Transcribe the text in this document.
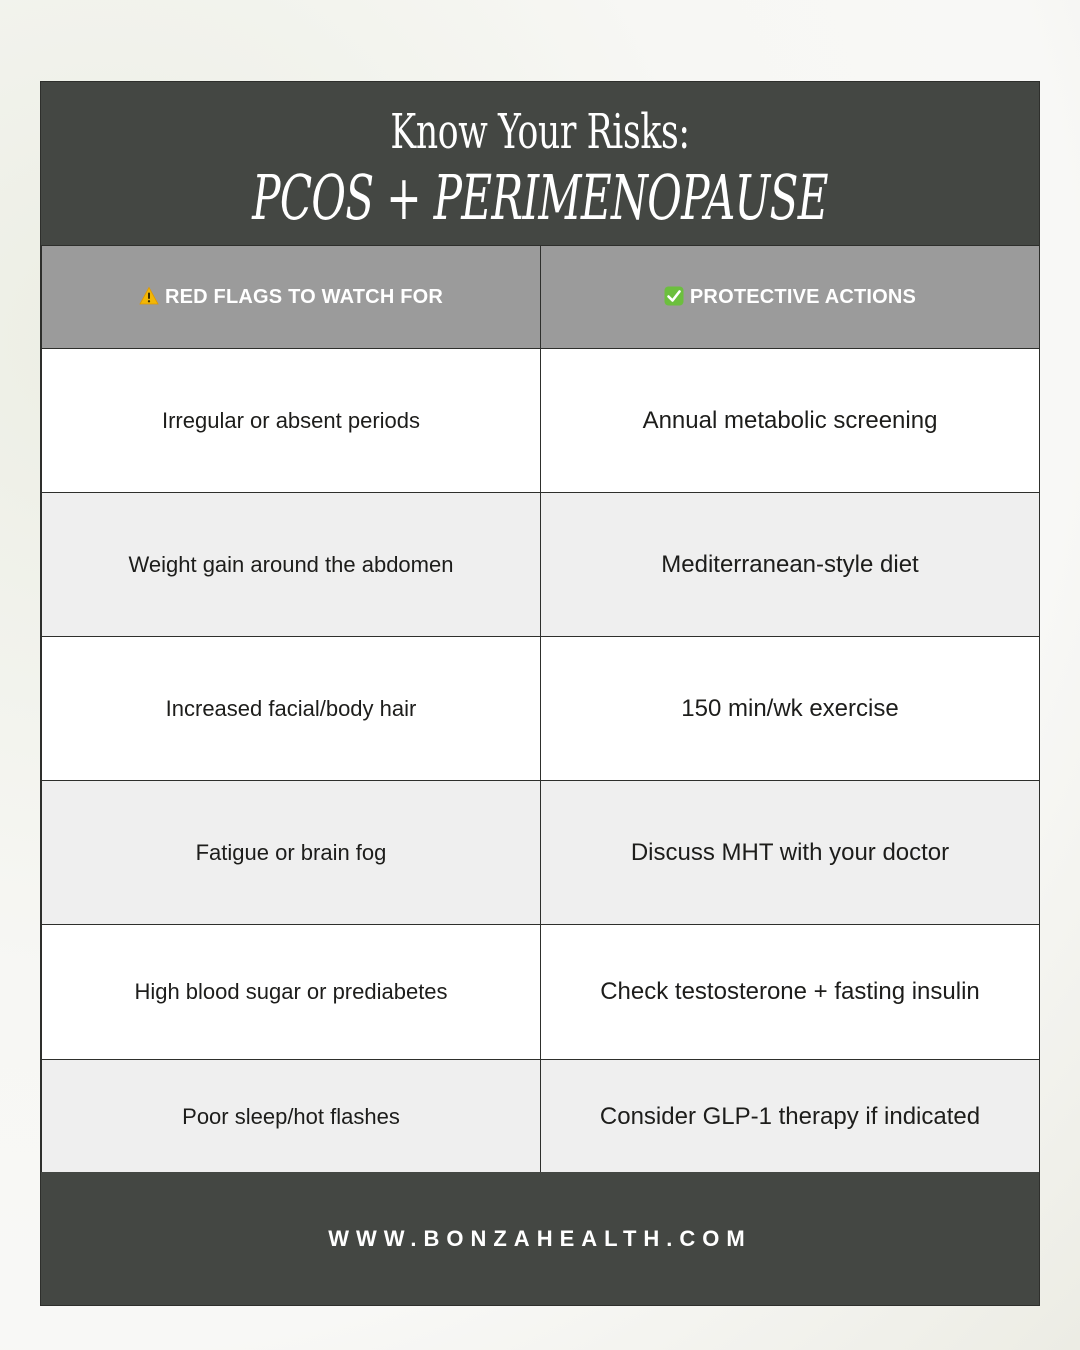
Know Your Risks:
PCOS + PERIMENOPAUSE
RED FLAGS TO WATCH FOR	PROTECTIVE ACTIONS
Irregular or absent periods	Annual metabolic screening
Weight gain around the abdomen	Mediterranean-style diet
Increased facial/body hair	150 min/wk exercise
Fatigue or brain fog	Discuss MHT with your doctor
High blood sugar or prediabetes	Check testosterone + fasting insulin
Poor sleep/hot flashes	Consider GLP-1 therapy if indicated
WWW.BONZAHEALTH.COM
